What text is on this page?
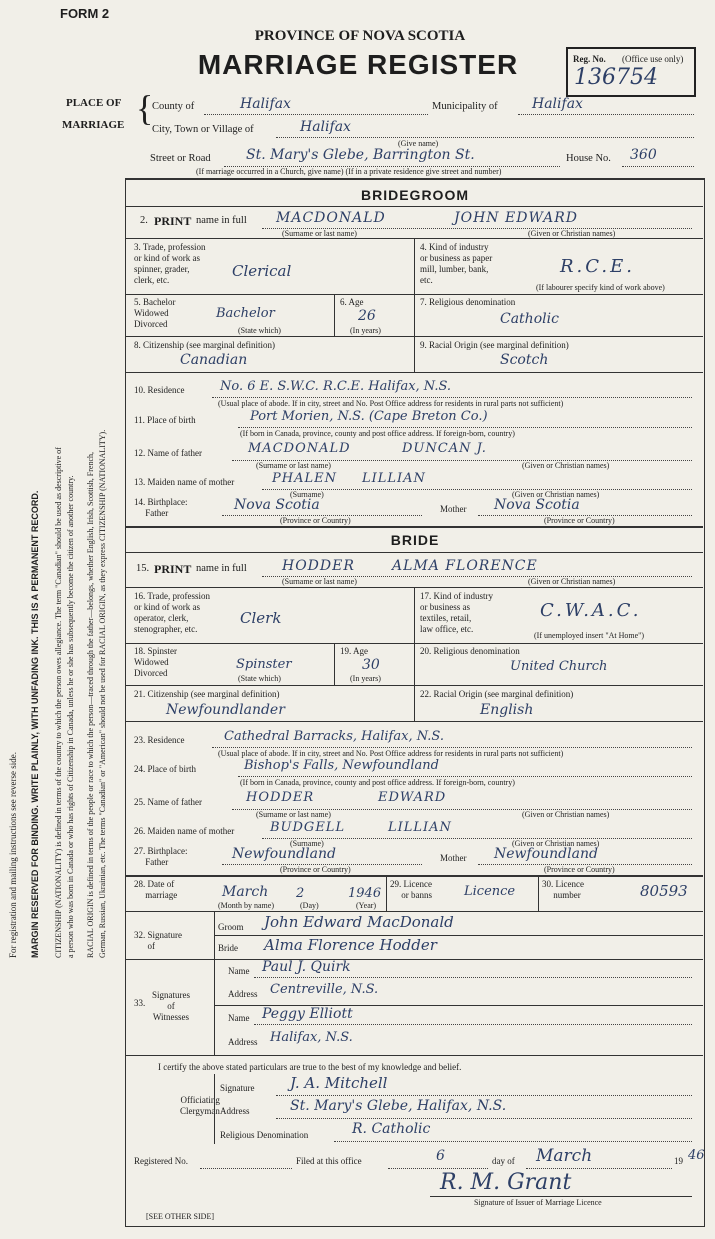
FORM 2
PROVINCE OF NOVA SCOTIA
MARRIAGE REGISTER	Reg. No. (Office use only)
136754
PLACE OF
MARRIAGE {
County of	Halifax	Municipality of Halifax
City, Town or Village of	Halifax
(Give name)
Street or Road	St. Mary's Glebe, Barrington St.	House No. 360
(If marriage occurred in a Church, give name) (If in a private residence give street and number)
BRIDEGROOM
2. PRINT name in full MACDONALD	JOHN EDWARD
(Surname or last name)	(Given or Christian names)
3. Trade, profession
or kind of work as
spinner, grader,
clerk, etc.	Clerical
4. Kind of industry
or business as paper
mill, lumber, bank,
etc.
R.C.E.
(If labourer specify kind of work above)
5. Bachelor
Widowed
Divorced
Bachelor
(State which)
6. Age
26
(In years)
7. Religious denomination
Catholic
8. Citizenship (see marginal definition)
Canadian
9. Racial Origin (see marginal definition)
Scotch
10. Residence	No. 6 E. S.W.C. R.C.E. Halifax, N.S.
(Usual place of abode. If in city, street and No. Post Office address for residents in rural parts not sufficient)
11. Place of birth	Port Morien, N.S. (Cape Breton Co.)
(If born in Canada, province, county and post office address. If foreign-born, country)
12. Name of father	MACDONALD	DUNCAN J.
(Surname or last name)	(Given or Christian names)
13. Maiden name of mother	PHALEN LILLIAN
(Surname)	(Given or Christian names)
14. Birthplace:
Father	Nova Scotia
(Province or Country)
Mother Nova Scotia
(Province or Country)
BRIDE
15. PRINT name in full	HODDER	ALMA FLORENCE
(Surname or last name)	(Given or Christian names)
16. Trade, profession
or kind of work as
operator, clerk,
stenographer, etc.
Clerk
17. Kind of industry
or business as
textiles, retail,
law office, etc.
C.W.A.C.
(If unemployed insert "At Home")
18. Spinster
Widowed
Divorced
Spinster
(State which)
19. Age
30
(In years)
20. Religious denomination
United Church
21. Citizenship (see marginal definition)
Newfoundlander
22. Racial Origin (see marginal definition)
English
23. Residence	Cathedral Barracks, Halifax, N.S.
(Usual place of abode. If in city, street and No. Post Office address for residents in rural parts not sufficient)
24. Place of birth	Bishop's Falls, Newfoundland
(If born in Canada, province, county and post office address. If foreign-born, country)
25. Name of father	HODDER	EDWARD
(Surname or last name)	(Given or Christian names)
26. Maiden name of mother	BUDGELL	LILLIAN
(Surname)	(Given or Christian names)
27. Birthplace:
Father	Newfoundland
(Province or Country)
Mother Newfoundland
(Province or Country)
28. Date of
marriage	March 2	1946
(Month by name)	(Day)	(Year)
29. Licence
or banns Licence	30. Licence
number	80593
32. Signature
of
Groom John Edward MacDonald
Bride Alma Florence Hodder
33.
Signatures
of
Witnesses
Name Paul J. Quirk
Address Centreville, N.S.
Name Peggy Elliott
Address Halifax, N.S.
I certify the above stated particulars are true to the best of my knowledge and belief.
Officiating
Clergyman
Signature J. A. Mitchell
Address	St. Mary's Glebe, Halifax, N.S.
Religious Denomination	R. Catholic
Registered No.	Filed at this office	6	day of March	19 46
R. M. Grant
Signature of Issuer of Marriage Licence
[SEE OTHER SIDE]
For registration and mailing instructions see reverse side. MARGIN RESERVED FOR BINDING. WRITE PLAINLY, WITH UNFADING INK. THIS IS A PERMANENT RECORD. CITIZENSHIP (NATIONALITY) is defined in terms of the country to which the person owes allegiance. The term "Canadian" should be used as descriptive of a person who was born in Canada or who has rights of Citizenship in Canada, unless he or she has subsequently become the citizen of another country. RACIAL ORIGIN is defined in terms of the people or race to which the person—traced through the father—belongs, whether English, Irish, Scottish, French, German, Russian, Ukrainian, etc. The terms "Canadian" or "American" should not be used for RACIAL ORIGIN, as they express CITIZENSHIP (NATIONALITY).
